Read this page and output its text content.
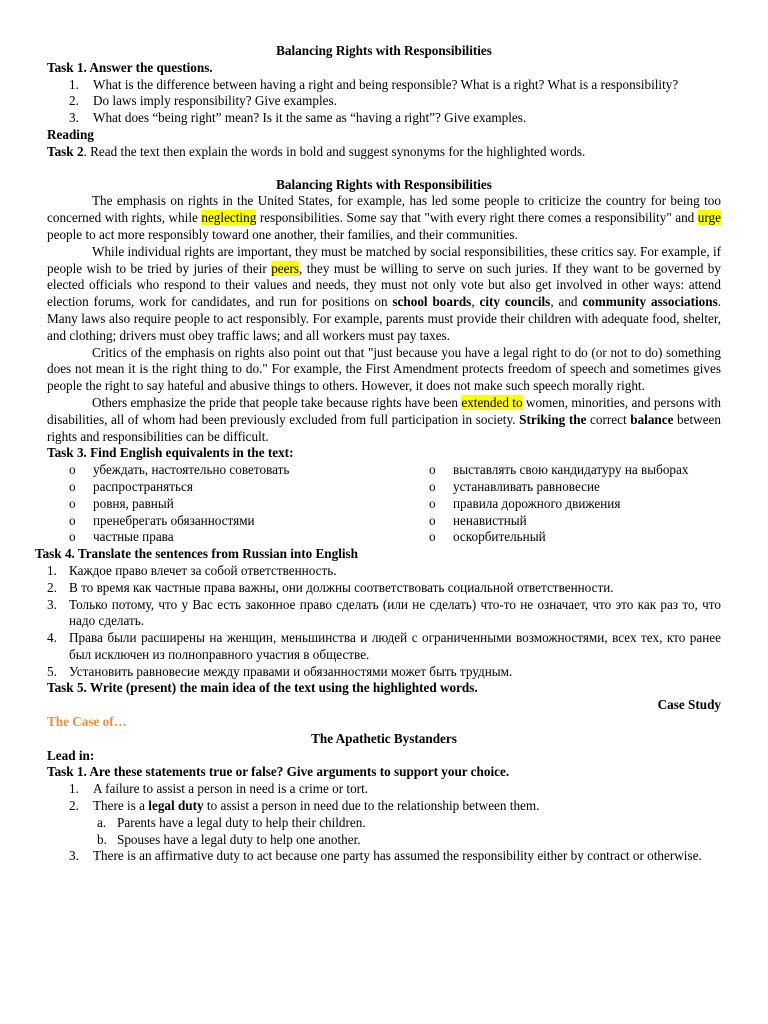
Balancing Rights with Responsibilities
Task 1. Answer the questions.
1. What is the difference between having a right and being responsible? What is a right? What is a responsibility?
2. Do laws imply responsibility? Give examples.
3. What does “being right” mean? Is it the same as “having a right”? Give examples.
Reading
Task 2. Read the text then explain the words in bold and suggest synonyms for the highlighted words.
Balancing Rights with Responsibilities
The emphasis on rights in the United States, for example, has led some people to criticize the country for being too concerned with rights, while neglecting responsibilities. Some say that "with every right there comes a responsibility" and urge people to act more responsibly toward one another, their families, and their communities.
While individual rights are important, they must be matched by social responsibilities, these critics say. For example, if people wish to be tried by juries of their peers, they must be willing to serve on such juries. If they want to be governed by elected officials who respond to their values and needs, they must not only vote but also get involved in other ways: attend election forums, work for candidates, and run for positions on school boards, city councils, and community associations. Many laws also require people to act responsibly. For example, parents must provide their children with adequate food, shelter, and clothing; drivers must obey traffic laws; and all workers must pay taxes.
Critics of the emphasis on rights also point out that "just because you have a legal right to do (or not to do) something does not mean it is the right thing to do." For example, the First Amendment protects freedom of speech and sometimes gives people the right to say hateful and abusive things to others. However, it does not make such speech morally right.
Others emphasize the pride that people take because rights have been extended to women, minorities, and persons with disabilities, all of whom had been previously excluded from full participation in society. Striking the correct balance between rights and responsibilities can be difficult.
Task 3. Find English equivalents in the text:
o убеждать, настоятельно советовать
o распространяться
o ровня, равный
o пренебрегать обязанностями
o частные права
o выставлять свою кандидатуру на выборах
o устанавливать равновесие
o правила дорожного движения
o ненавистный
o оскорбительный
Task 4. Translate the sentences from Russian into English
1. Каждое право влечет за собой ответственность.
2. В то время как частные права важны, они должны соответствовать социальной ответственности.
3. Только потому, что у Вас есть законное право сделать (или не сделать) что-то не означает, что это как раз то, что надо сделать.
4. Права были расширены на женщин, меньшинства и людей с ограниченными возможностями, всех тех, кто ранее был исключен из полноправного участия в обществе.
5. Установить равновесие между правами и обязанностями может быть трудным.
Task 5. Write (present) the main idea of the text using the highlighted words.
Case Study
The Case of…
The Apathetic Bystanders
Lead in:
Task 1. Are these statements true or false? Give arguments to support your choice.
1. A failure to assist a person in need is a crime or tort.
2. There is a legal duty to assist a person in need due to the relationship between them.
a. Parents have a legal duty to help their children.
b. Spouses have a legal duty to help one another.
3. There is an affirmative duty to act because one party has assumed the responsibility either by contract or otherwise.
